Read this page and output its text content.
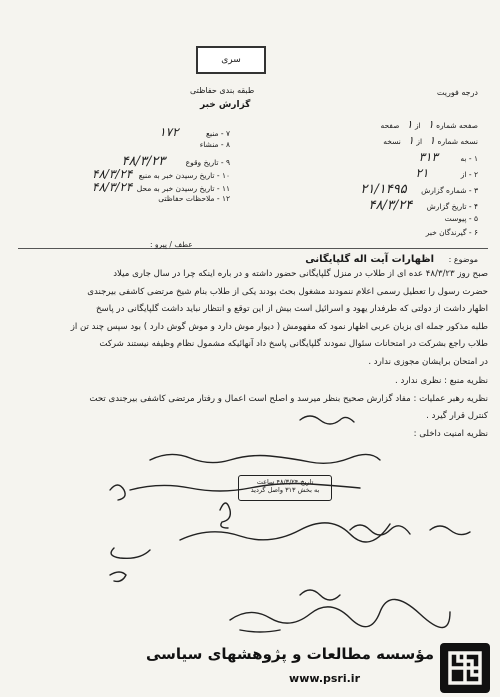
سری
درجه فوریت
طبقه بندی حفاظتی
گزارش خبر
صفحه شماره ۱   از ۱   صفحه
نسخه شماره ۱   از ۱   نسخه
۱ - به ۳۱۳
۲ - از ۲۱
۳ - شماره گزارش ۲۱/۱۴۹۵
۴ - تاریخ گزارش ۴۸/۳/۲۴
۵ - پیوست
۶ - گیرندگان خبر
۷ - منبع ۱۷۲
۸ - منشاء
۹ - تاریخ وقوع ۴۸/۳/۲۳
۱۰ - تاریخ رسیدن خبر به منبع ۴۸/۳/۲۴
۱۱ - تاریخ رسیدن خبر به محل ۴۸/۳/۲۴
۱۲ - ملاحظات حفاظتی
موضوع : اظهارات آیت اله گلپایگانی
عطف / پیرو :
صبح روز ۴۸/۳/۲۳ عده ای از طلاب در منزل گلپایگانی حضور داشته و در باره اینکه چرا در سال جاری میلاد
حضرت رسول را تعطیل رسمی اعلام ننمودند مشغول بحث بودند یکی از طلاب بنام شیخ مرتضی کاشفی بیرجندی
اظهار داشت از دولتی که طرفدار یهود و اسرائیل است بیش از این توقع و انتظار نباید داشت گلپایگانی در پاسخ
طلبه مذکور جمله ای بزبان عربی اظهار نمود که مفهومش ( دیوار موش دارد و موش گوش دارد ) بود سپس چند تن از
طلاب راجع بشرکت در امتحانات سئوال نمودند گلپایگانی پاسخ داد آنهائیکه مشمول نظام وظیفه نیستند شرکت
در امتحان برایشان مجوزی ندارد .
نظریه منبع : نظری ندارد .
نظریه رهبر عملیات : مفاد گزارش صحیح بنظر میرسد و اصلح است اعمال و رفتار مرتضی کاشفی بیرجندی تحت
کنترل قرار گیرد .
نظریه امنیت داخلی :
تاریخ ۴۸/۳/۲۴ ساعت
به بخش ۳۱۳ واصل گردید
مؤسسه مطالعات و پژوهشهای سیاسی
www.psri.ir
